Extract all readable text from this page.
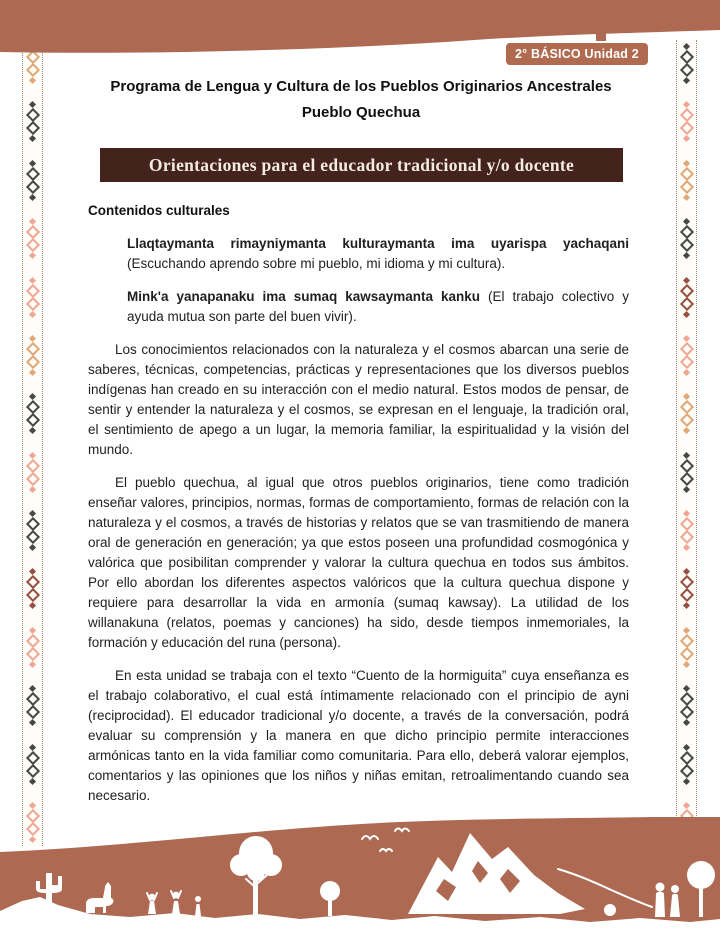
2° BÁSICO Unidad 2
Programa de Lengua y Cultura de los Pueblos Originarios Ancestrales
Pueblo Quechua
Orientaciones para el educador tradicional y/o docente
Contenidos culturales

Llaqtaymanta rimayniymanta kulturaymanta ima uyarispa yachaqani (Escuchando aprendo sobre mi pueblo, mi idioma y mi cultura).

Mink'a yanapanaku ima sumaq kawsaymanta kanku (El trabajo colectivo y ayuda mutua son parte del buen vivir).

Los conocimientos relacionados con la naturaleza y el cosmos abarcan una serie de saberes, técnicas, competencias, prácticas y representaciones que los diversos pueblos indígenas han creado en su interacción con el medio natural. Estos modos de pensar, de sentir y entender la naturaleza y el cosmos, se expresan en el lenguaje, la tradición oral, el sentimiento de apego a un lugar, la memoria familiar, la espiritualidad y la visión del mundo.

El pueblo quechua, al igual que otros pueblos originarios, tiene como tradición enseñar valores, principios, normas, formas de comportamiento, formas de relación con la naturaleza y el cosmos, a través de historias y relatos que se van trasmitiendo de manera oral de generación en generación; ya que estos poseen una profundidad cosmogónica y valórica que posibilitan comprender y valorar la cultura quechua en todos sus ámbitos. Por ello abordan los diferentes aspectos valóricos que la cultura quechua dispone y requiere para desarrollar la vida en armonía (sumaq kawsay). La utilidad de los willanakuna (relatos, poemas y canciones) ha sido, desde tiempos inmemoriales, la formación y educación del runa (persona).

En esta unidad se trabaja con el texto “Cuento de la hormiguita” cuya enseñanza es el trabajo colaborativo, el cual está íntimamente relacionado con el principio de ayni (reciprocidad). El educador tradicional y/o docente, a través de la conversación, podrá evaluar su comprensión y la manera en que dicho principio permite interacciones armónicas tanto en la vida familiar como comunitaria. Para ello, deberá valorar ejemplos, comentarios y las opiniones que los niños y niñas emitan, retroalimentando cuando sea necesario.
